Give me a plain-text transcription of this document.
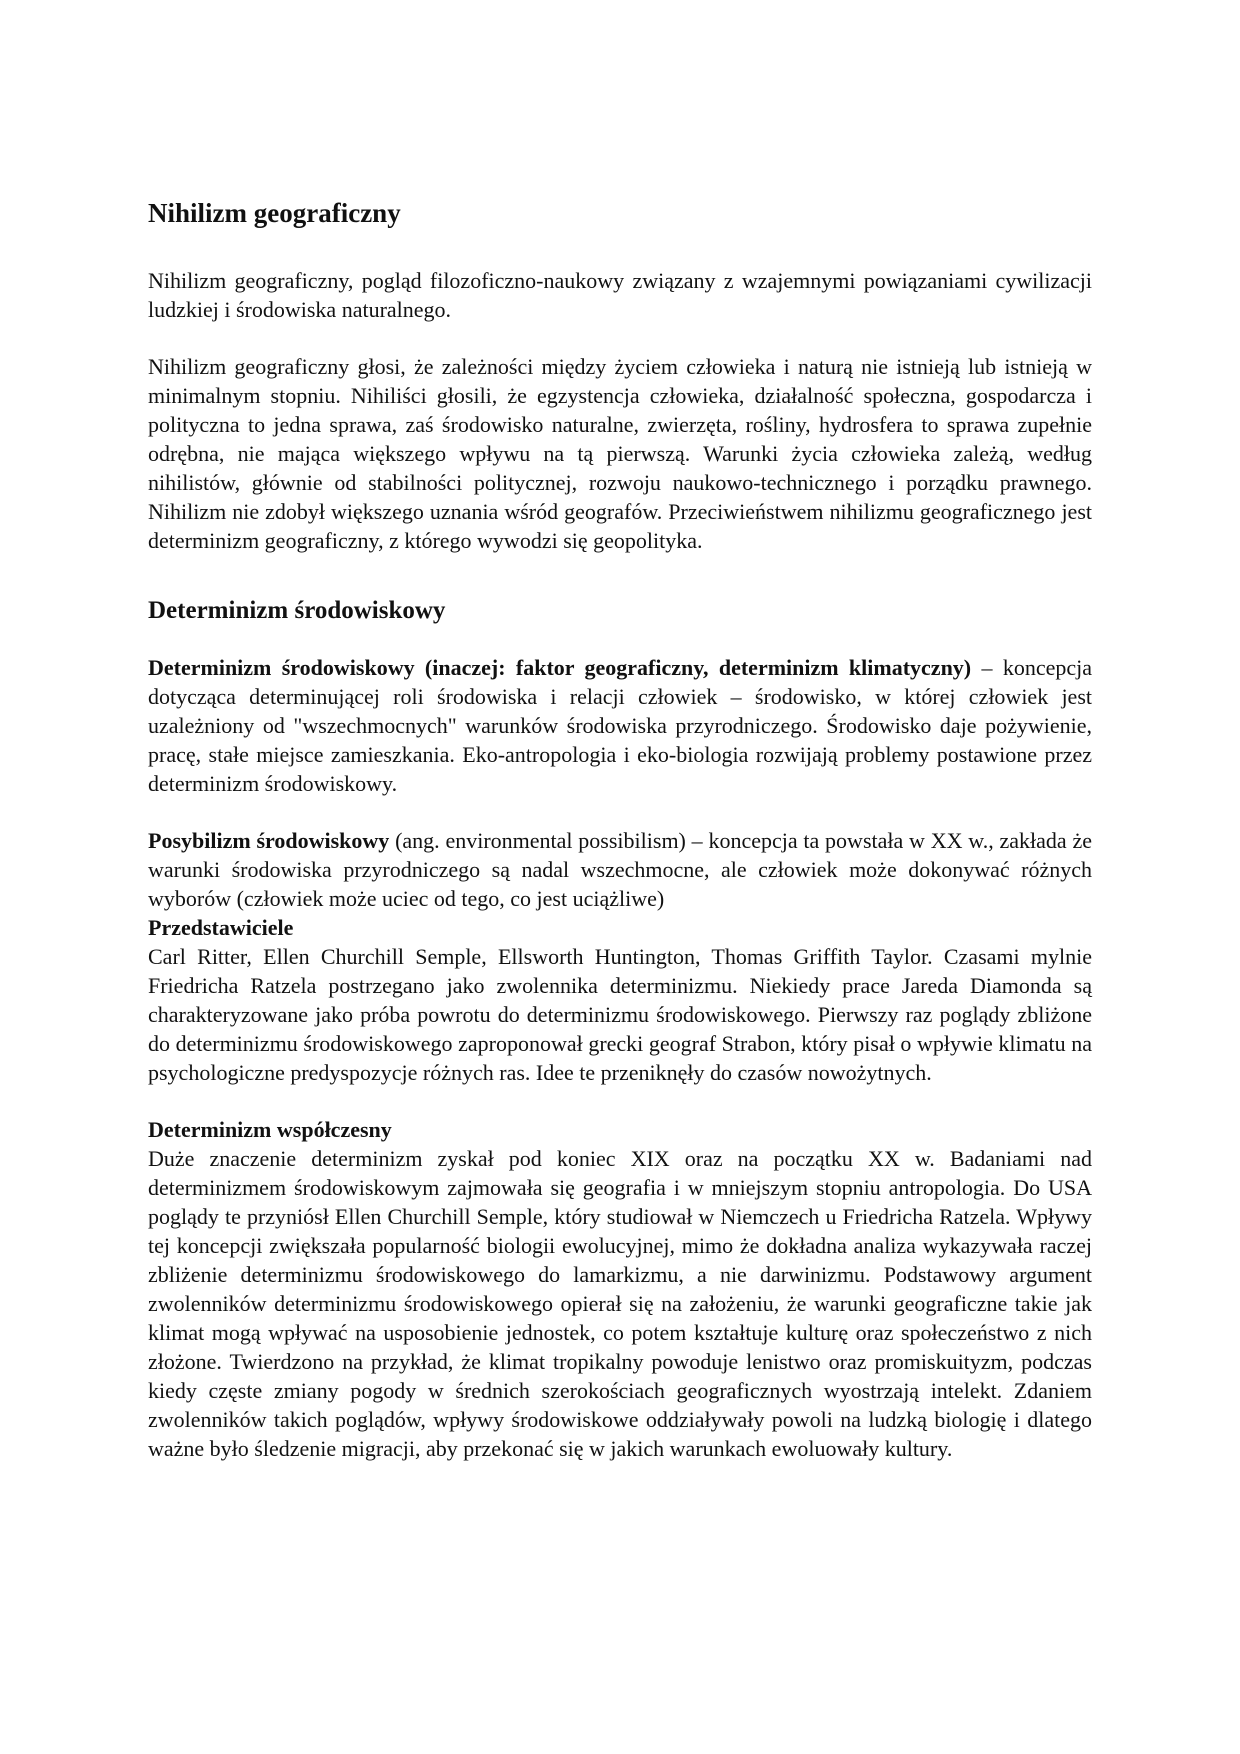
Nihilizm geograficzny

Nihilizm geograficzny, pogląd filozoficzno-naukowy związany z wzajemnymi powiązaniami cywilizacji ludzkiej i środowiska naturalnego.

Nihilizm geograficzny głosi, że zależności między życiem człowieka i naturą nie istnieją lub istnieją w minimalnym stopniu. Nihiliści głosili, że egzystencja człowieka, działalność społeczna, gospodarcza i polityczna to jedna sprawa, zaś środowisko naturalne, zwierzęta, rośliny, hydrosfera to sprawa zupełnie odrębna, nie mająca większego wpływu na tą pierwszą. Warunki życia człowieka zależą, według nihilistów, głównie od stabilności politycznej, rozwoju naukowo-technicznego i porządku prawnego. Nihilizm nie zdobył większego uznania wśród geografów. Przeciwieństwem nihilizmu geograficznego jest determinizm geograficzny, z którego wywodzi się geopolityka.

Determinizm środowiskowy

Determinizm środowiskowy (inaczej: faktor geograficzny, determinizm klimatyczny) – koncepcja dotycząca determinującej roli środowiska i relacji człowiek – środowisko, w której człowiek jest uzależniony od "wszechmocnych" warunków środowiska przyrodniczego. Środowisko daje pożywienie, pracę, stałe miejsce zamieszkania. Eko-antropologia i eko-biologia rozwijają problemy postawione przez determinizm środowiskowy.

Posybilizm środowiskowy (ang. environmental possibilism) – koncepcja ta powstała w XX w., zakłada że warunki środowiska przyrodniczego są nadal wszechmocne, ale człowiek może dokonywać różnych wyborów (człowiek może uciec od tego, co jest uciążliwe)

Przedstawiciele

Carl Ritter, Ellen Churchill Semple, Ellsworth Huntington, Thomas Griffith Taylor. Czasami mylnie Friedricha Ratzela postrzegano jako zwolennika determinizmu. Niekiedy prace Jareda Diamonda są charakteryzowane jako próba powrotu do determinizmu środowiskowego. Pierwszy raz poglądy zbliżone do determinizmu środowiskowego zaproponował grecki geograf Strabon, który pisał o wpływie klimatu na psychologiczne predyspozycje różnych ras. Idee te przeniknęły do czasów nowożytnych.

Determinizm współczesny

Duże znaczenie determinizm zyskał pod koniec XIX oraz na początku XX w. Badaniami nad determinizmem środowiskowym zajmowała się geografia i w mniejszym stopniu antropologia. Do USA poglądy te przyniósł Ellen Churchill Semple, który studiował w Niemczech u Friedricha Ratzela. Wpływy tej koncepcji zwiększała popularność biologii ewolucyjnej, mimo że dokładna analiza wykazywała raczej zbliżenie determinizmu środowiskowego do lamarkizmu, a nie darwinizmu. Podstawowy argument zwolenników determinizmu środowiskowego opierał się na założeniu, że warunki geograficzne takie jak klimat mogą wpływać na usposobienie jednostek, co potem kształtuje kulturę oraz społeczeństwo z nich złożone. Twierdzono na przykład, że klimat tropikalny powoduje lenistwo oraz promiskuityzm, podczas kiedy częste zmiany pogody w średnich szerokościach geograficznych wyostrzają intelekt. Zdaniem zwolenników takich poglądów, wpływy środowiskowe oddziaływały powoli na ludzką biologię i dlatego ważne było śledzenie migracji, aby przekonać się w jakich warunkach ewoluowały kultury.
